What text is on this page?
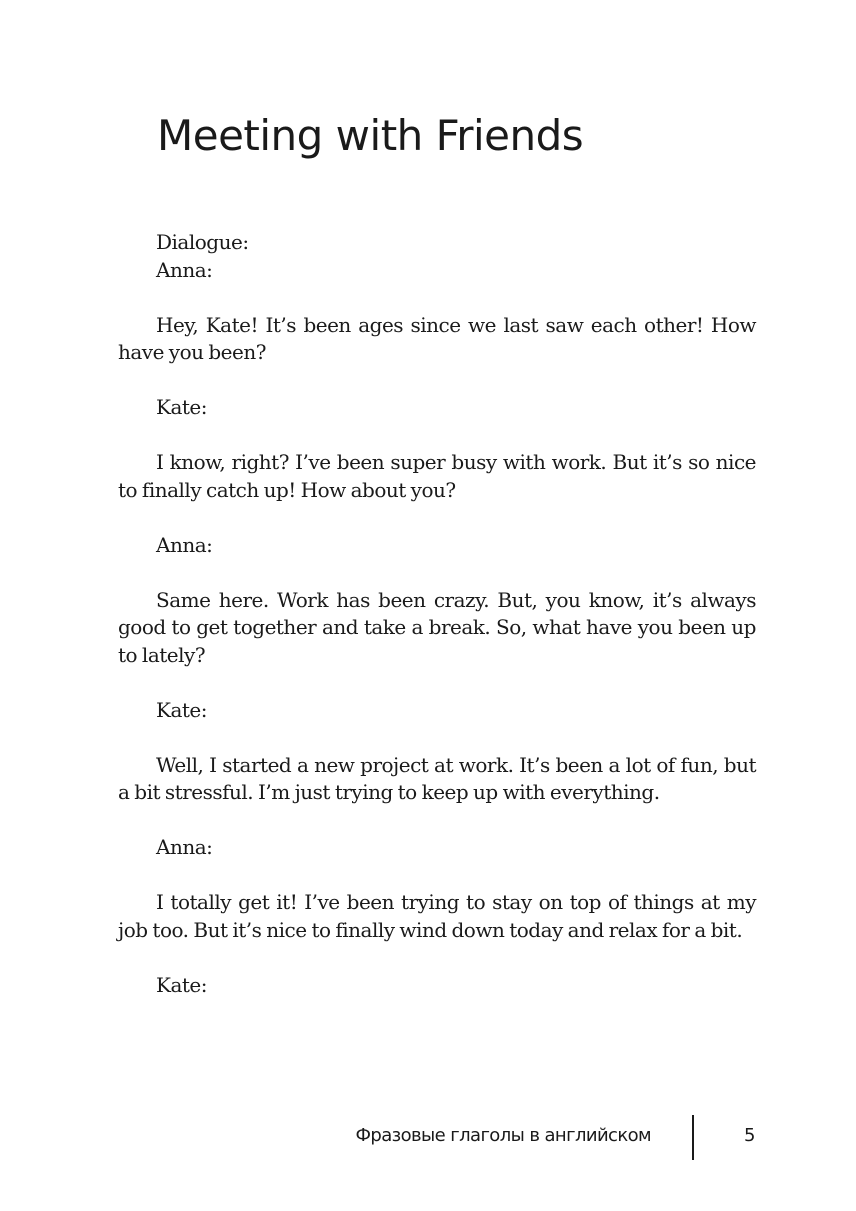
Meeting with Friends

Dialogue:
Anna:

Hey, Kate! It’s been ages since we last saw each other! How have you been?

Kate:

I know, right? I’ve been super busy with work. But it’s so nice to finally catch up! How about you?

Anna:

Same here. Work has been crazy. But, you know, it’s always good to get together and take a break. So, what have you been up to lately?

Kate:

Well, I started a new project at work. It’s been a lot of fun, but a bit stressful. I’m just trying to keep up with everything.

Anna:

I totally get it! I’ve been trying to stay on top of things at my job too. But it’s nice to finally wind down today and relax for a bit.

Kate:

Фразовые глаголы в английском	5
